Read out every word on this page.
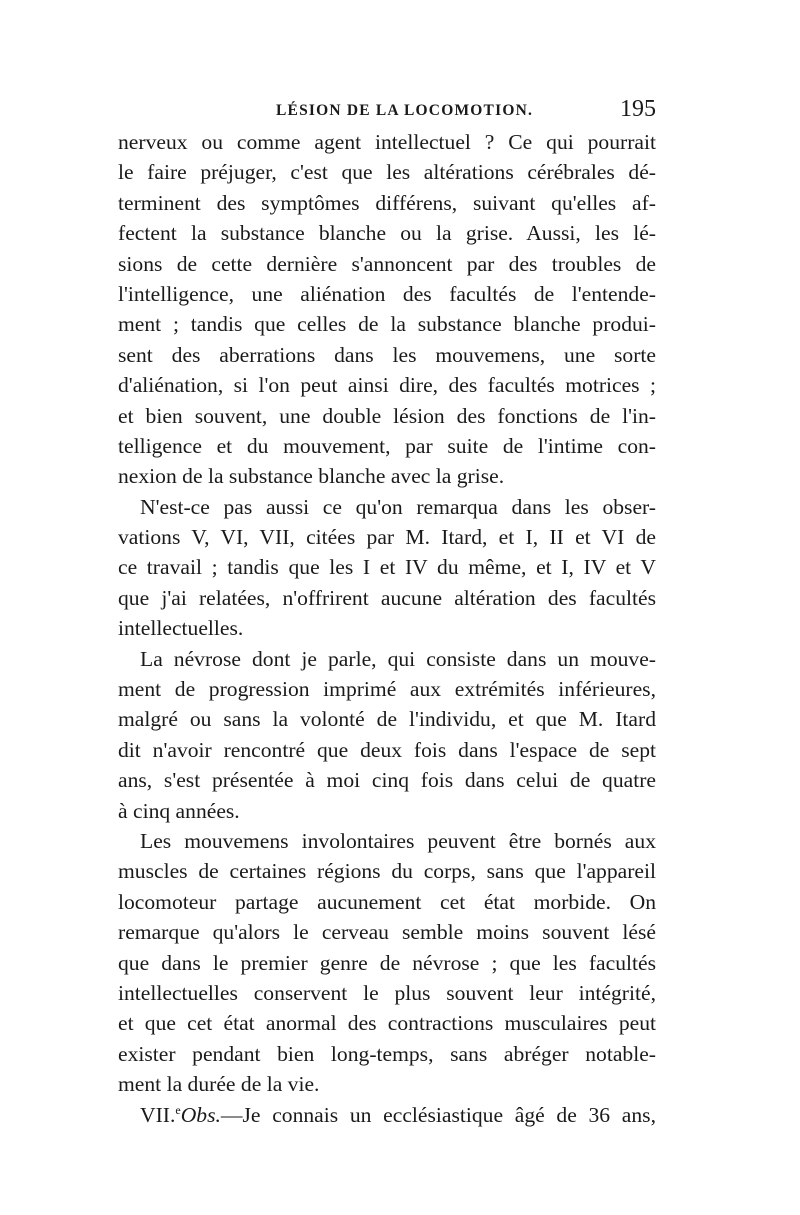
LÉSION DE LA LOCOMOTION.	195
nerveux ou comme agent intellectuel ? Ce qui pourrait
le faire préjuger, c'est que les altérations cérébrales dé-
terminent des symptômes différens, suivant qu'elles af-
fectent la substance blanche ou la grise. Aussi, les lé-
sions de cette dernière s'annoncent par des troubles de
l'intelligence, une aliénation des facultés de l'entende-
ment ; tandis que celles de la substance blanche produi-
sent des aberrations dans les mouvemens, une sorte
d'aliénation, si l'on peut ainsi dire, des facultés motrices ;
et bien souvent, une double lésion des fonctions de l'in-
telligence et du mouvement, par suite de l'intime con-
nexion de la substance blanche avec la grise.
N'est-ce pas aussi ce qu'on remarqua dans les obser-
vations V, VI, VII, citées par M. Itard, et I, II et VI de
ce travail ; tandis que les I et IV du même, et I, IV et V
que j'ai relatées, n'offrirent aucune altération des facultés
intellectuelles.
La névrose dont je parle, qui consiste dans un mouve-
ment de progression imprimé aux extrémités inférieures,
malgré ou sans la volonté de l'individu, et que M. Itard
dit n'avoir rencontré que deux fois dans l'espace de sept
ans, s'est présentée à moi cinq fois dans celui de quatre
à cinq années.
Les mouvemens involontaires peuvent être bornés aux
muscles de certaines régions du corps, sans que l'appareil
locomoteur partage aucunement cet état morbide. On
remarque qu'alors le cerveau semble moins souvent lésé
que dans le premier genre de névrose ; que les facultés
intellectuelles conservent le plus souvent leur intégrité,
et que cet état anormal des contractions musculaires peut
exister pendant bien long-temps, sans abréger notable-
ment la durée de la vie.
VII.$^e$Obs.—Je connais un ecclésiastique âgé de 36 ans,
